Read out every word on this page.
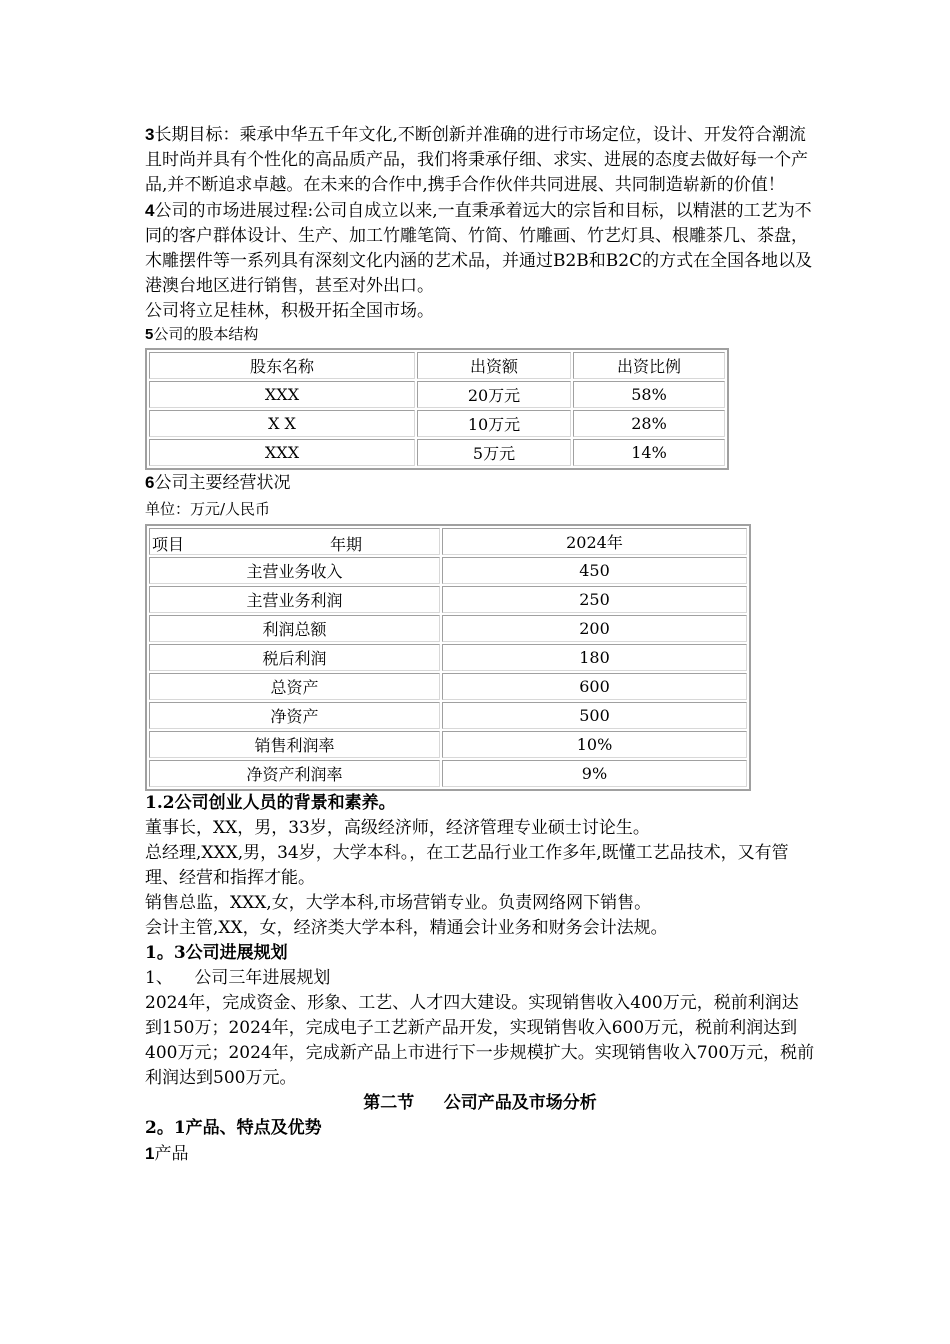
3长期目标：乘承中华五千年文化,不断创新并准确的进行市场定位，设计、开发符合潮流且时尚并具有个性化的高品质产品，我们将秉承仔细、求实、进展的态度去做好每一个产品,并不断追求卓越。在未来的合作中,携手合作伙伴共同进展、共同制造崭新的价值！

4公司的市场进展过程:公司自成立以来,一直秉承着远大的宗旨和目标，以精湛的工艺为不同的客户群体设计、生产、加工竹雕笔筒、竹简、竹雕画、竹艺灯具、根雕茶几、茶盘，木雕摆件等一系列具有深刻文化内涵的艺术品，并通过B2B和B2C的方式在全国各地以及港澳台地区进行销售，甚至对外出口。

公司将立足桂林，积极开拓全国市场。

5公司的股本结构

股东名称	出资额	出资比例
XXX	20万元	58%
X X	10万元	28%
XXX	5万元	14%

6公司主要经营状况

单位：万元/人民币

项目 年期	2024年
主营业务收入	450
主营业务利润	250
利润总额	200
税后利润	180
总资产	600
净资产	500
销售利润率	10%
净资产利润率	9%

1.2公司创业人员的背景和素养。

董事长，XX，男，33岁，高级经济师，经济管理专业硕士讨论生。

总经理,XXX,男，34岁，大学本科。，在工艺品行业工作多年,既懂工艺品技术，又有管理、经营和指挥才能。

销售总监，XXX,女，大学本科,市场营销专业。负责网络网下销售。

会计主管,XX，女，经济类大学本科，精通会计业务和财务会计法规。

1。3公司进展规划

1、    公司三年进展规划

2024年，完成资金、形象、工艺、人才四大建设。实现销售收入400万元，税前利润达到150万；2024年，完成电子工艺新产品开发，实现销售收入600万元，税前利润达到400万元；2024年，完成新产品上市进行下一步规模扩大。实现销售收入700万元，税前利润达到500万元。

第二节     公司产品及市场分析

2。1产品、特点及优势

1产品
